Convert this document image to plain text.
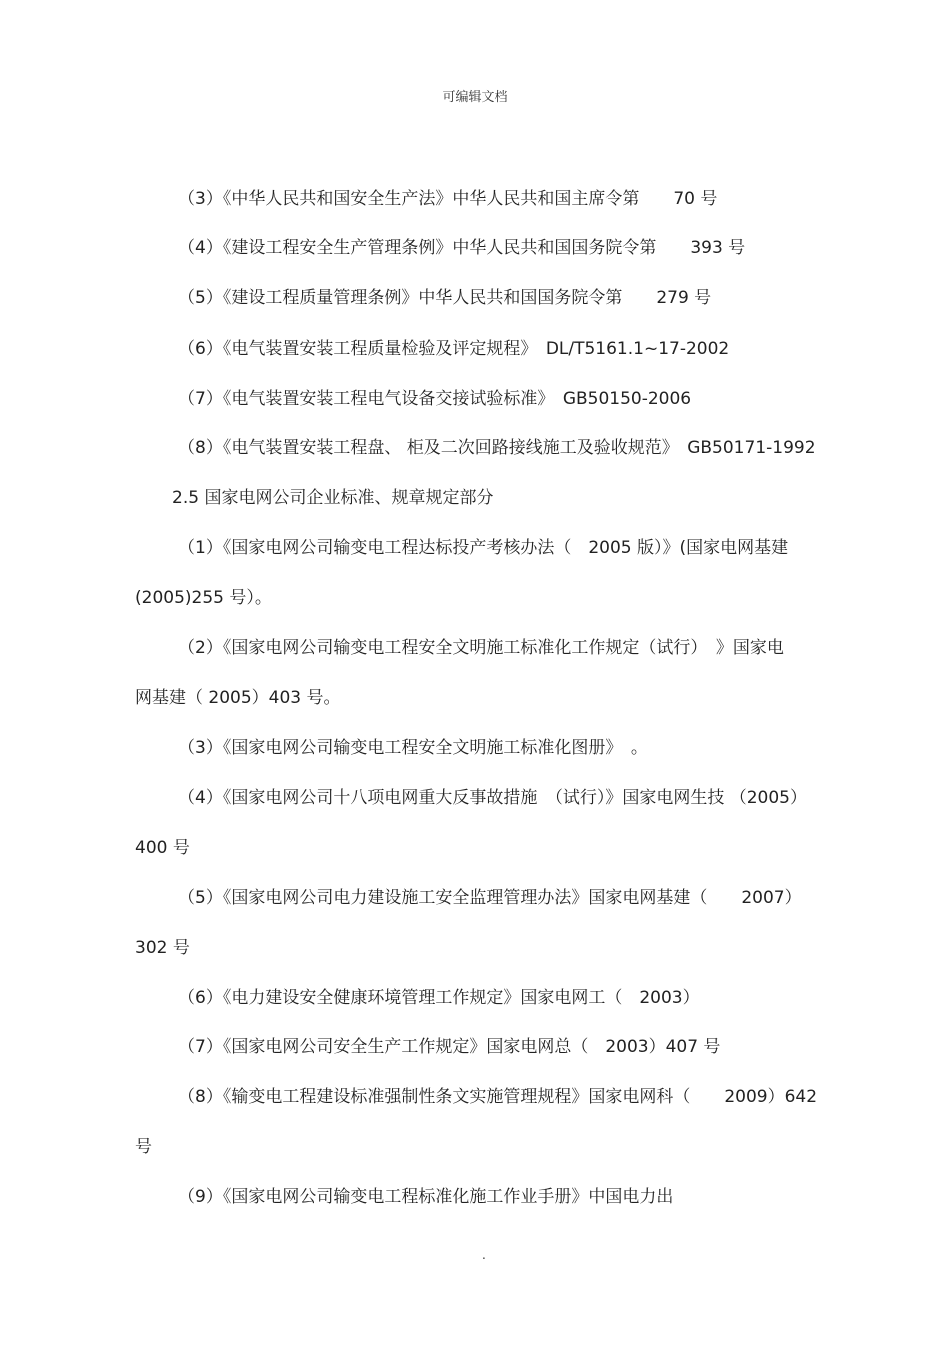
可编辑文档
（3）《中华人民共和国安全生产法》中华人民共和国主席令第　　70 号
（4）《建设工程安全生产管理条例》中华人民共和国国务院令第　　393 号
（5）《建设工程质量管理条例》中华人民共和国国务院令第　　279 号
（6）《电气装置安装工程质量检验及评定规程》　DL/T5161.1~17-2002
（7）《电气装置安装工程电气设备交接试验标准》　GB50150-2006
（8）《电气装置安装工程盘、 柜及二次回路接线施工及验收规范》　GB50171-1992
2.5 国家电网公司企业标准、规章规定部分
（1）《国家电网公司输变电工程达标投产考核办法（　2005 版）》(国家电网基建
(2005)255 号）。
（2）《国家电网公司输变电工程安全文明施工标准化工作规定（试行）　》国家电
网基建（ 2005）403 号。
（3）《国家电网公司输变电工程安全文明施工标准化图册》　。
（4）《国家电网公司十八项电网重大反事故措施　（试行）》国家电网生技 （2005）
400 号
（5）《国家电网公司电力建设施工安全监理管理办法》国家电网基建（　　2007）
302 号
（6）《电力建设安全健康环境管理工作规定》国家电网工（　2003）
（7）《国家电网公司安全生产工作规定》国家电网总（　2003）407 号
（8）《输变电工程建设标准强制性条文实施管理规程》国家电网科（　　2009）642
号
（9）《国家电网公司输变电工程标准化施工作业手册》中国电力出
.
